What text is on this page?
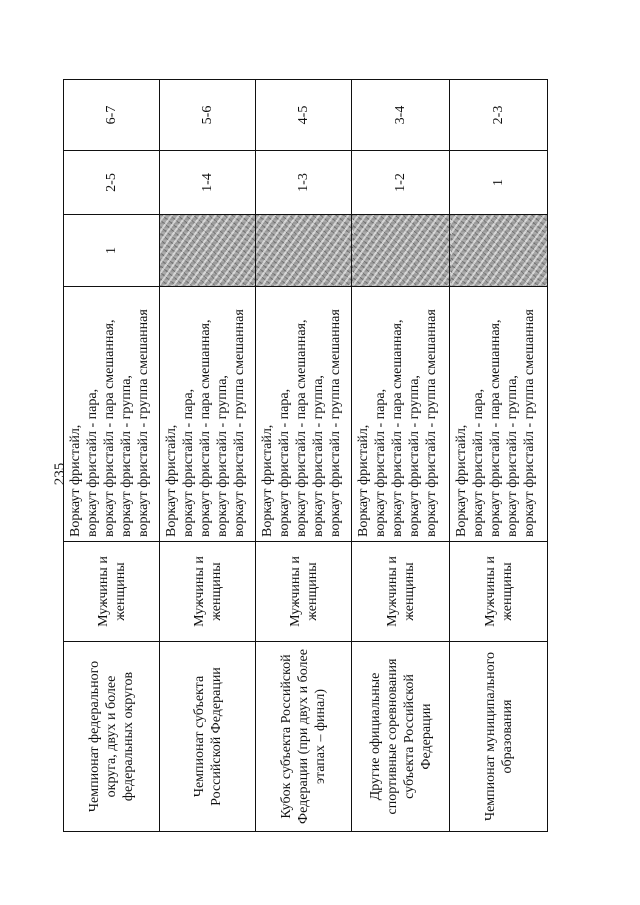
235
Чемпионат федерального округа, двух и более федеральных округов	Мужчины и женщины	Воркаут фристайл, воркаут фристайл - пара, воркаут фристайл - пара смешанная, воркаут фристайл - группа, воркаут фристайл - группа смешанная	1	2-5	6-7
Чемпионат субъекта Российской Федерации	Мужчины и женщины	Воркаут фристайл, воркаут фристайл - пара, воркаут фристайл - пара смешанная, воркаут фристайл - группа, воркаут фристайл - группа смешанная		1-4	5-6
Кубок субъекта Российской Федерации (при двух и более этапах – финал)	Мужчины и женщины	Воркаут фристайл, воркаут фристайл - пара, воркаут фристайл - пара смешанная, воркаут фристайл - группа, воркаут фристайл - группа смешанная		1-3	4-5
Другие официальные спортивные соревнования субъекта Российской Федерации	Мужчины и женщины	Воркаут фристайл, воркаут фристайл - пара, воркаут фристайл - пара смешанная, воркаут фристайл - группа, воркаут фристайл - группа смешанная		1-2	3-4
Чемпионат муниципального образования	Мужчины и женщины	Воркаут фристайл, воркаут фристайл - пара, воркаут фристайл - пара смешанная, воркаут фристайл - группа, воркаут фристайл - группа смешанная		1	2-3
